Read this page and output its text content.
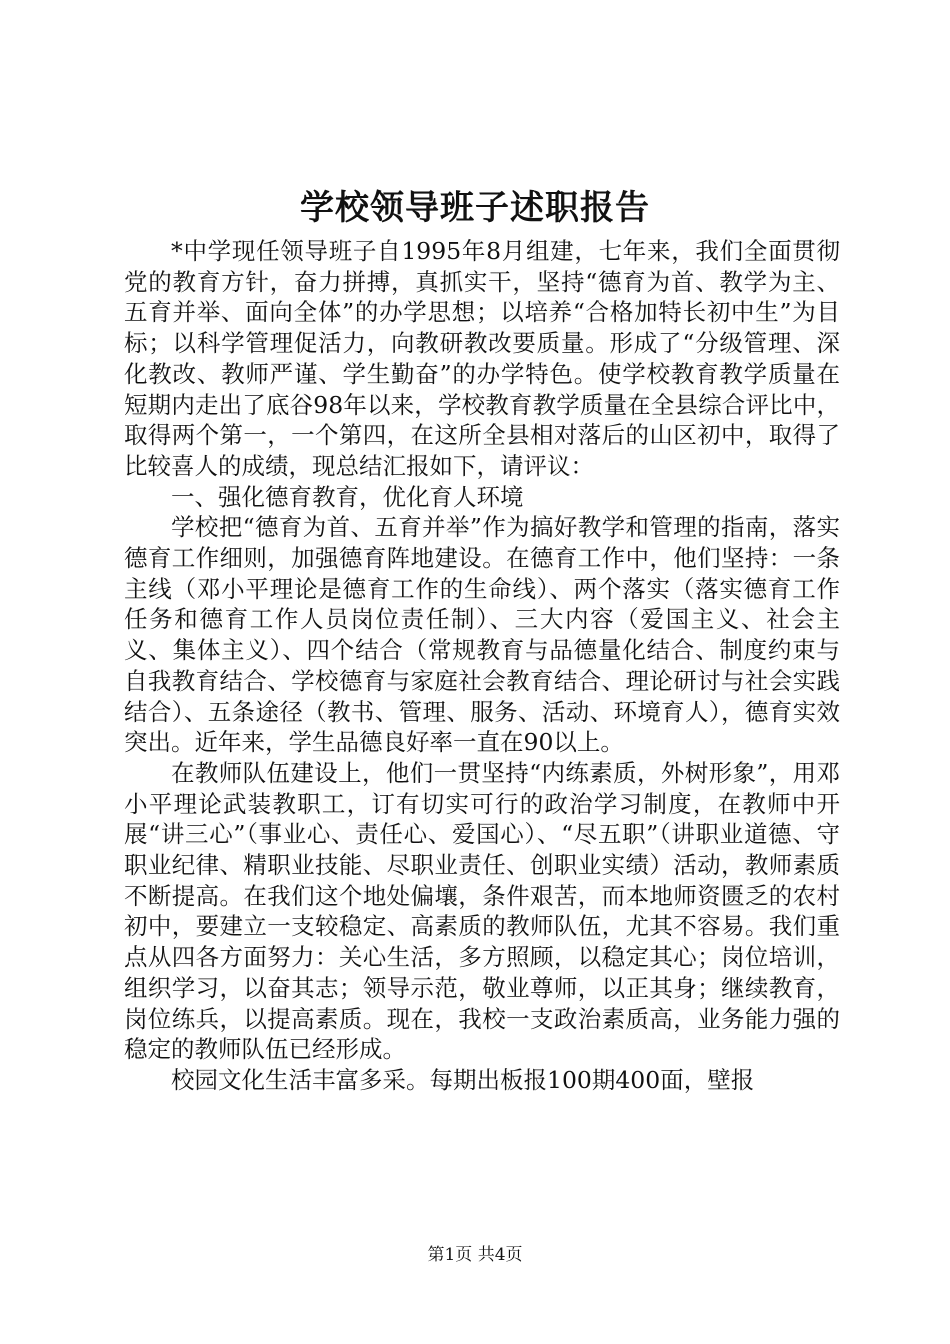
学校领导班子述职报告

*中学现任领导班子自1995年8月组建，七年来，我们全面贯彻党的教育方针，奋力拼搏，真抓实干，坚持“德育为首、教学为主、五育并举、面向全体”的办学思想；以培养“合格加特长初中生”为目标；以科学管理促活力，向教研教改要质量。形成了“分级管理、深化教改、教师严谨、学生勤奋”的办学特色。使学校教育教学质量在短期内走出了底谷98年以来，学校教育教学质量在全县综合评比中，取得两个第一，一个第四，在这所全县相对落后的山区初中，取得了比较喜人的成绩，现总结汇报如下，请评议：

一、强化德育教育，优化育人环境

学校把“德育为首、五育并举”作为搞好教学和管理的指南，落实德育工作细则，加强德育阵地建设。在德育工作中，他们坚持：一条主线（邓小平理论是德育工作的生命线）、两个落实（落实德育工作任务和德育工作人员岗位责任制）、三大内容（爱国主义、社会主义、集体主义）、四个结合（常规教育与品德量化结合、制度约束与自我教育结合、学校德育与家庭社会教育结合、理论研讨与社会实践结合）、五条途径（教书、管理、服务、活动、环境育人），德育实效突出。近年来，学生品德良好率一直在90以上。

在教师队伍建设上，他们一贯坚持“内练素质，外树形象”，用邓小平理论武装教职工，订有切实可行的政治学习制度，在教师中开展“讲三心”（事业心、责任心、爱国心）、“尽五职”（讲职业道德、守职业纪律、精职业技能、尽职业责任、创职业实绩）活动，教师素质不断提高。在我们这个地处偏壤，条件艰苦，而本地师资匮乏的农村初中，要建立一支较稳定、高素质的教师队伍，尤其不容易。我们重点从四各方面努力：关心生活，多方照顾，以稳定其心；岗位培训，组织学习，以奋其志；领导示范，敬业尊师，以正其身；继续教育，岗位练兵，以提高素质。现在，我校一支政治素质高，业务能力强的稳定的教师队伍已经形成。

校园文化生活丰富多采。每期出板报100期400面，壁报

第1页 共4页
